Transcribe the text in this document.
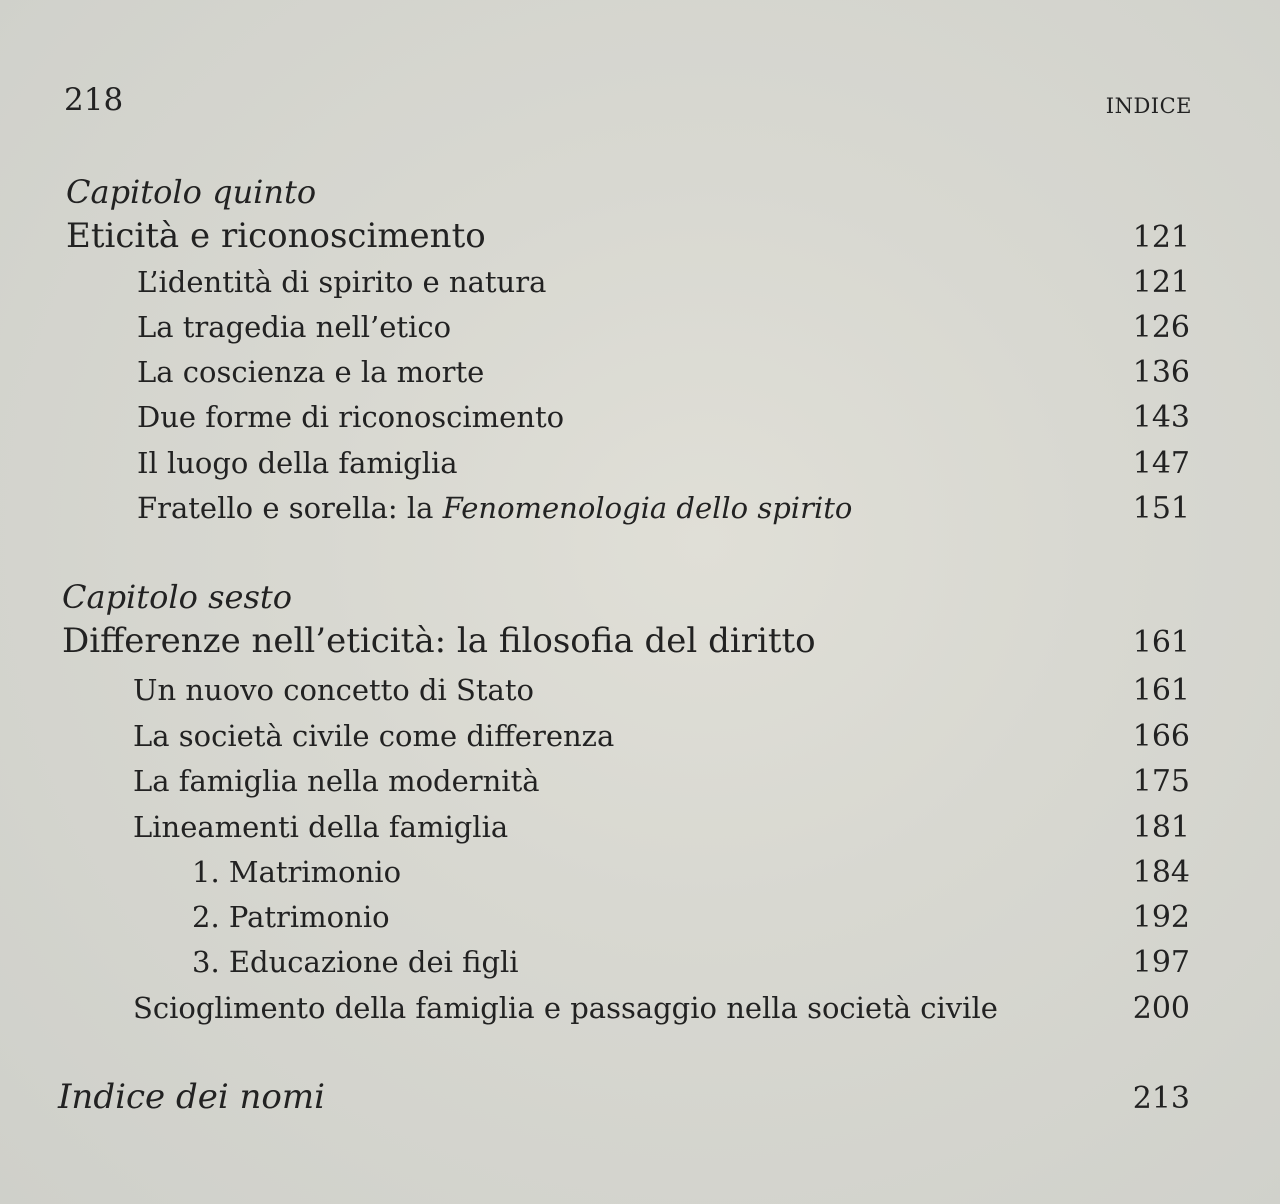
218	INDICE
Capitolo quinto
Eticità e riconoscimento	121
L’identità di spirito e natura	121
La tragedia nell’etico	126
La coscienza e la morte	136
Due forme di riconoscimento	143
Il luogo della famiglia	147
Fratello e sorella: la Fenomenologia dello spirito	151
Capitolo sesto
Differenze nell’eticità: la filosofia del diritto	161
Un nuovo concetto di Stato	161
La società civile come differenza	166
La famiglia nella modernità	175
Lineamenti della famiglia	181
1. Matrimonio	184
2. Patrimonio	192
3. Educazione dei figli	197
Scioglimento della famiglia e passaggio nella società civile	200
Indice dei nomi	213
